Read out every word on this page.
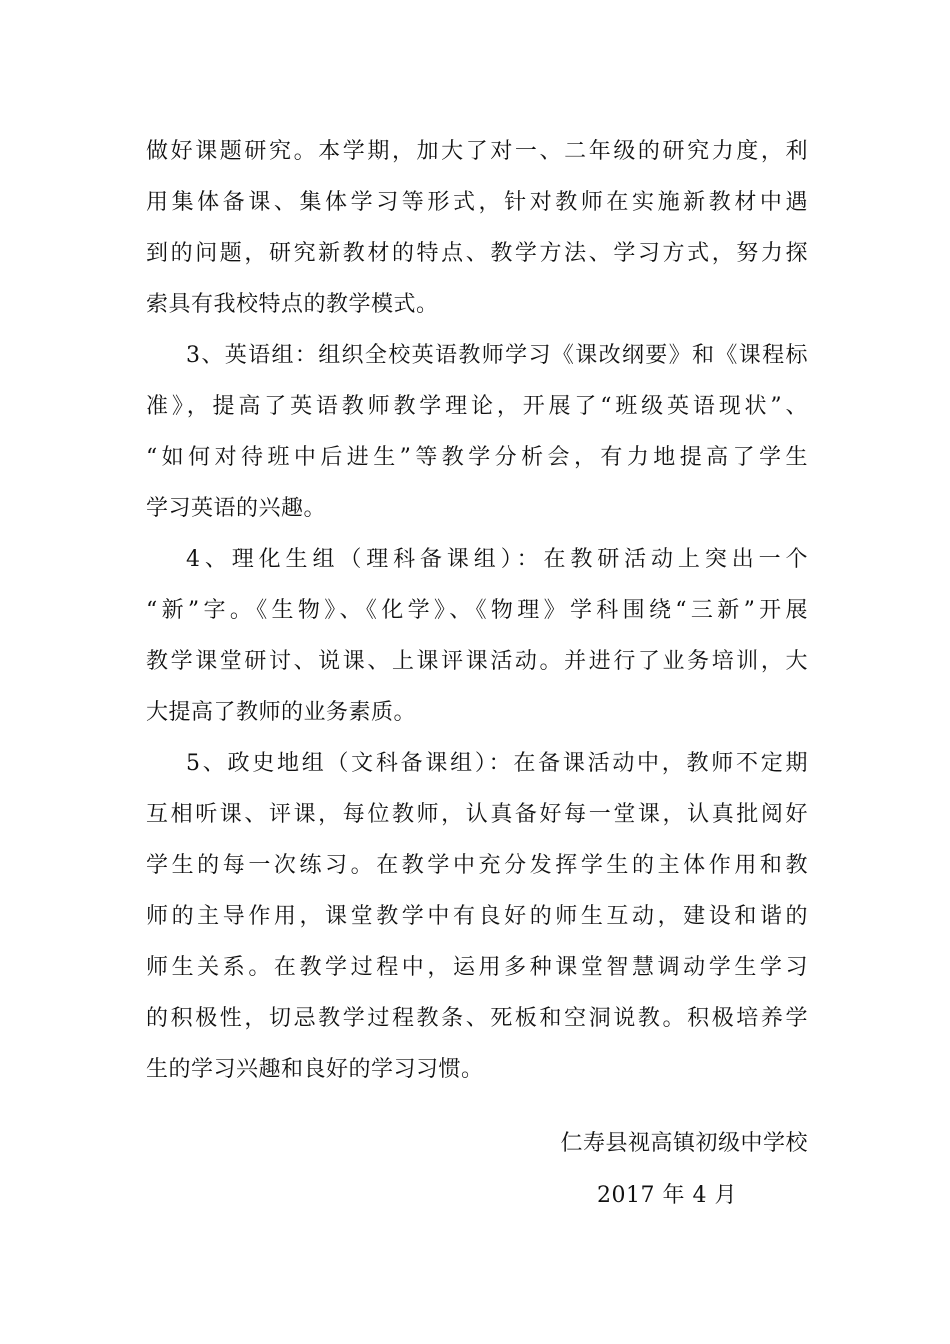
做好课题研究。本学期，加大了对一、二年级的研究力度，利
用集体备课、集体学习等形式，针对教师在实施新教材中遇
到的问题，研究新教材的特点、教学方法、学习方式，努力探
索具有我校特点的教学模式。
3、英语组：组织全校英语教师学习《课改纲要》和《课程标
准》，提高了英语教师教学理论，开展了“班级英语现状”、
“如何对待班中后进生”等教学分析会，有力地提高了学生
学习英语的兴趣。
4、理化生组（理科备课组）：在教研活动上突出一个
“新”字。《生物》、《化学》、《物理》学科围绕“三新”开展
教学课堂研讨、说课、上课评课活动。并进行了业务培训，大
大提高了教师的业务素质。
5、政史地组（文科备课组）：在备课活动中，教师不定期
互相听课、评课，每位教师，认真备好每一堂课，认真批阅好
学生的每一次练习。在教学中充分发挥学生的主体作用和教
师的主导作用，课堂教学中有良好的师生互动，建设和谐的
师生关系。在教学过程中，运用多种课堂智慧调动学生学习
的积极性，切忌教学过程教条、死板和空洞说教。积极培养学
生的学习兴趣和良好的学习习惯。
仁寿县视高镇初级中学校
2017 年 4 月
